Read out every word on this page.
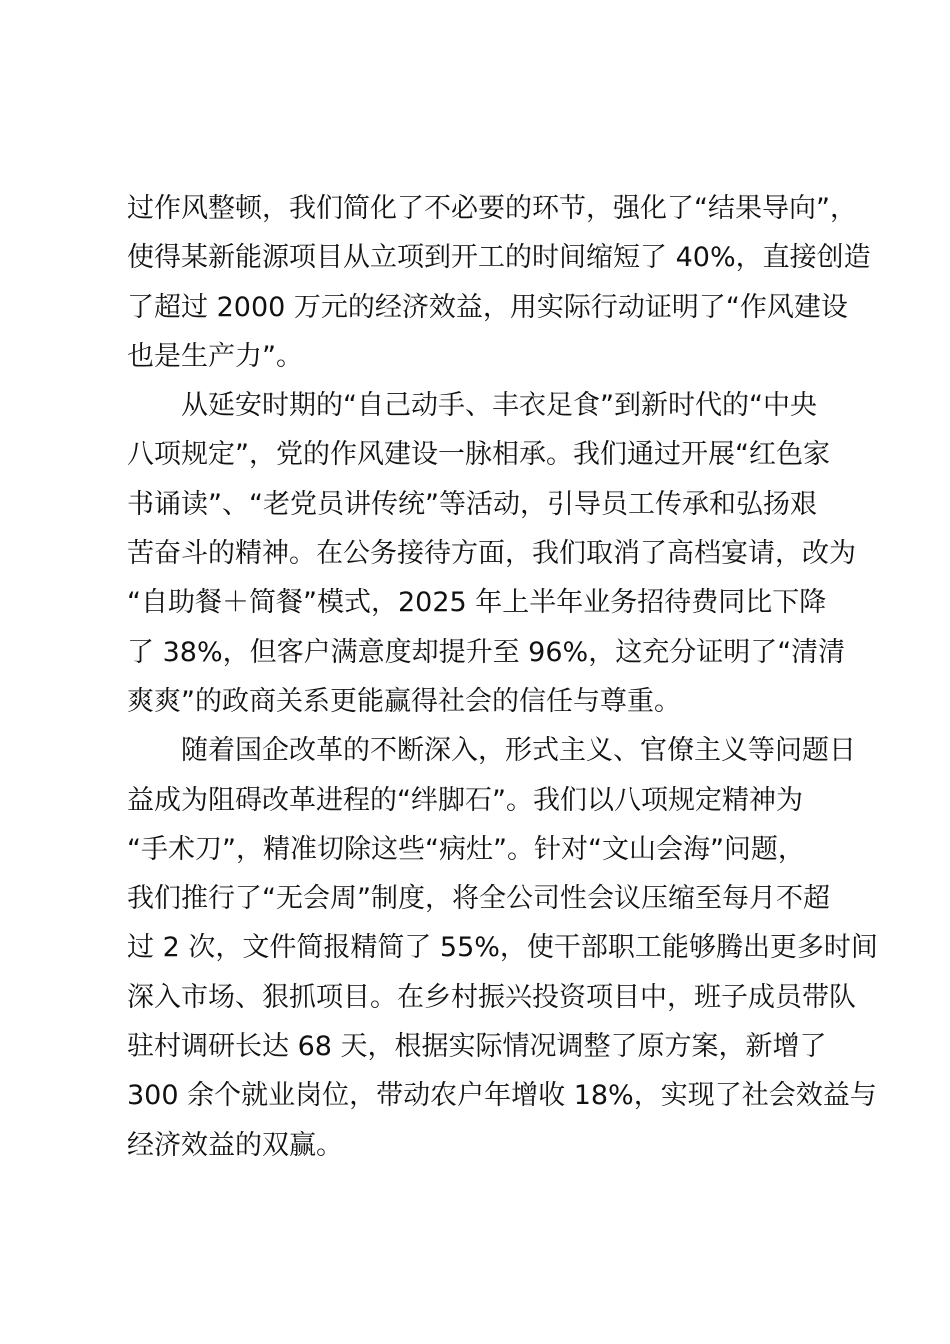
过作风整顿，我们简化了不必要的环节，强化了“结果导向”，
使得某新能源项目从立项到开工的时间缩短了 40%，直接创造
了超过 2000 万元的经济效益，用实际行动证明了“作风建设
也是生产力”。
从延安时期的“自己动手、丰衣足食”到新时代的“中央
八项规定”，党的作风建设一脉相承。我们通过开展“红色家
书诵读”、“老党员讲传统”等活动，引导员工传承和弘扬艰
苦奋斗的精神。在公务接待方面，我们取消了高档宴请，改为
“自助餐＋简餐”模式，2025 年上半年业务招待费同比下降
了 38%，但客户满意度却提升至 96%，这充分证明了“清清
爽爽”的政商关系更能赢得社会的信任与尊重。
随着国企改革的不断深入，形式主义、官僚主义等问题日
益成为阻碍改革进程的“绊脚石”。我们以八项规定精神为
“手术刀”，精准切除这些“病灶”。针对“文山会海”问题，
我们推行了“无会周”制度，将全公司性会议压缩至每月不超
过 2 次，文件简报精简了 55%，使干部职工能够腾出更多时间
深入市场、狠抓项目。在乡村振兴投资项目中，班子成员带队
驻村调研长达 68 天，根据实际情况调整了原方案，新增了
300 余个就业岗位，带动农户年增收 18%，实现了社会效益与
经济效益的双赢。
